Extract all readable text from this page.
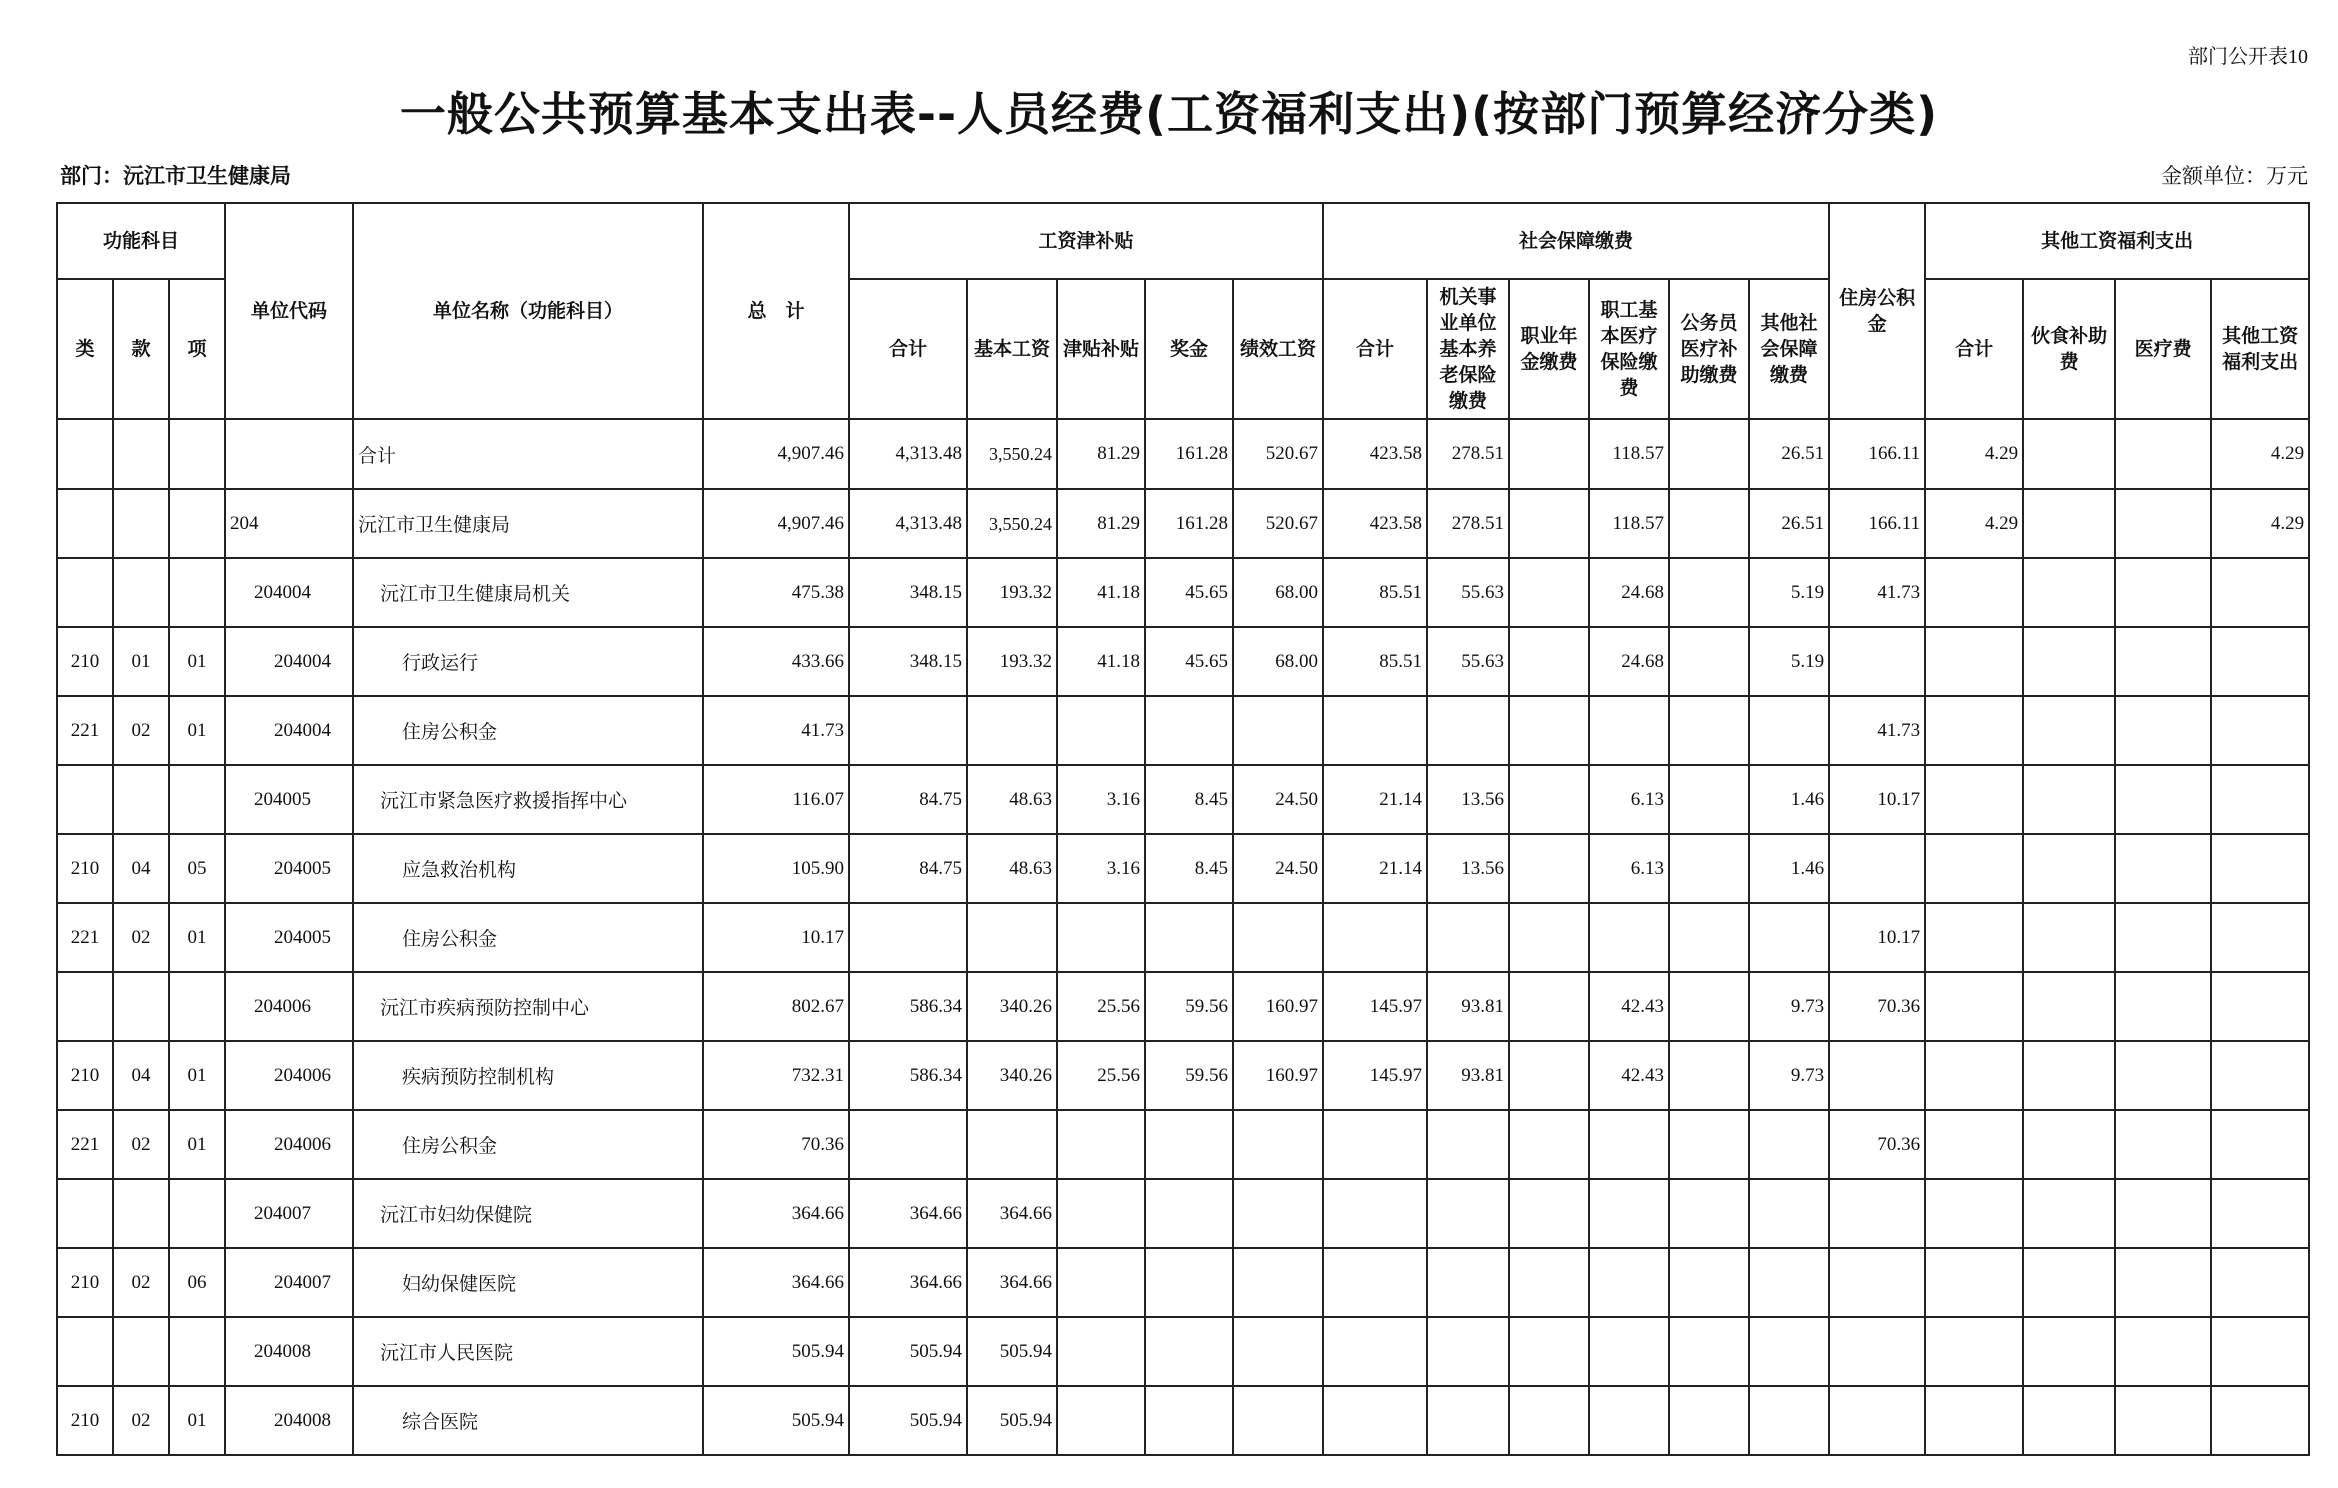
部门公开表10
一般公共预算基本支出表--人员经费(工资福利支出)(按部门预算经济分类)
部门：沅江市卫生健康局	金额单位：万元
功能科目			单位代码	单位名称（功能科目）	总　计	工资津补贴					社会保障缴费						住房公积金	其他工资福利支出			
类	款	项				合计	基本工资	津贴补贴	奖金	绩效工资	合计	机关事业单位基本养老保险缴费	职业年金缴费	职工基本医疗保险缴费	公务员医疗补助缴费	其他社会保障缴费		合计	伙食补助费	医疗费	其他工资福利支出
				合计	4,907.46	4,313.48	3,550.24	81.29	161.28	520.67	423.58	278.51		118.57		26.51	166.11	4.29			4.29
			204	沅江市卫生健康局	4,907.46	4,313.48	3,550.24	81.29	161.28	520.67	423.58	278.51		118.57		26.51	166.11	4.29			4.29
			204004	沅江市卫生健康局机关	475.38	348.15	193.32	41.18	45.65	68.00	85.51	55.63		24.68		5.19	41.73				
210	01	01	204004	行政运行	433.66	348.15	193.32	41.18	45.65	68.00	85.51	55.63		24.68		5.19					
221	02	01	204004	住房公积金	41.73												41.73				
			204005	沅江市紧急医疗救援指挥中心	116.07	84.75	48.63	3.16	8.45	24.50	21.14	13.56		6.13		1.46	10.17				
210	04	05	204005	应急救治机构	105.90	84.75	48.63	3.16	8.45	24.50	21.14	13.56		6.13		1.46					
221	02	01	204005	住房公积金	10.17												10.17				
			204006	沅江市疾病预防控制中心	802.67	586.34	340.26	25.56	59.56	160.97	145.97	93.81		42.43		9.73	70.36				
210	04	01	204006	疾病预防控制机构	732.31	586.34	340.26	25.56	59.56	160.97	145.97	93.81		42.43		9.73					
221	02	01	204006	住房公积金	70.36												70.36				
			204007	沅江市妇幼保健院	364.66	364.66	364.66														
210	02	06	204007	妇幼保健医院	364.66	364.66	364.66														
			204008	沅江市人民医院	505.94	505.94	505.94														
210	02	01	204008	综合医院	505.94	505.94	505.94														
